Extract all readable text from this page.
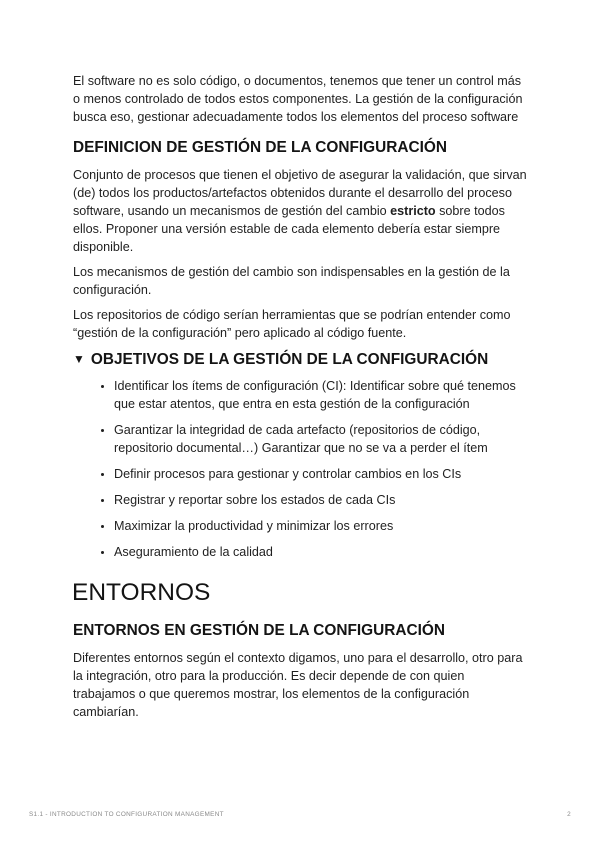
El software no es solo código, o documentos, tenemos que tener un control más o menos controlado de todos estos componentes. La gestión de la configuración busca eso, gestionar adecuadamente todos los elementos del proceso software

DEFINICION DE GESTIÓN DE LA CONFIGURACIÓN

Conjunto de procesos que tienen el objetivo de asegurar la validación, que sirvan (de) todos los productos/artefactos obtenidos durante el desarrollo del proceso software, usando un mecanismos de gestión del cambio estricto sobre todos ellos. Proponer una versión estable de cada elemento debería estar siempre disponible.

Los mecanismos de gestión del cambio son indispensables en la gestión de la configuración.

Los repositorios de código serían herramientas que se podrían entender como “gestión de la configuración” pero aplicado al código fuente.

▼ OBJETIVOS DE LA GESTIÓN DE LA CONFIGURACIÓN
• Identificar los ítems de configuración (CI): Identificar sobre qué tenemos que estar atentos, que entra en esta gestión de la configuración
• Garantizar la integridad de cada artefacto (repositorios de código, repositorio documental…) Garantizar que no se va a perder el ítem
• Definir procesos para gestionar y controlar cambios en los CIs
• Registrar y reportar sobre los estados de cada CIs
• Maximizar la productividad y minimizar los errores
• Aseguramiento de la calidad
ENTORNOS
ENTORNOS EN GESTIÓN DE LA CONFIGURACIÓN

Diferentes entornos según el contexto digamos, uno para el desarrollo, otro para la integración, otro para la producción. Es decir depende de con quien trabajamos o que queremos mostrar, los elementos de la configuración cambiarían.

S1.1 - INTRODUCTION TO CONFIGURATION MANAGEMENT	2
